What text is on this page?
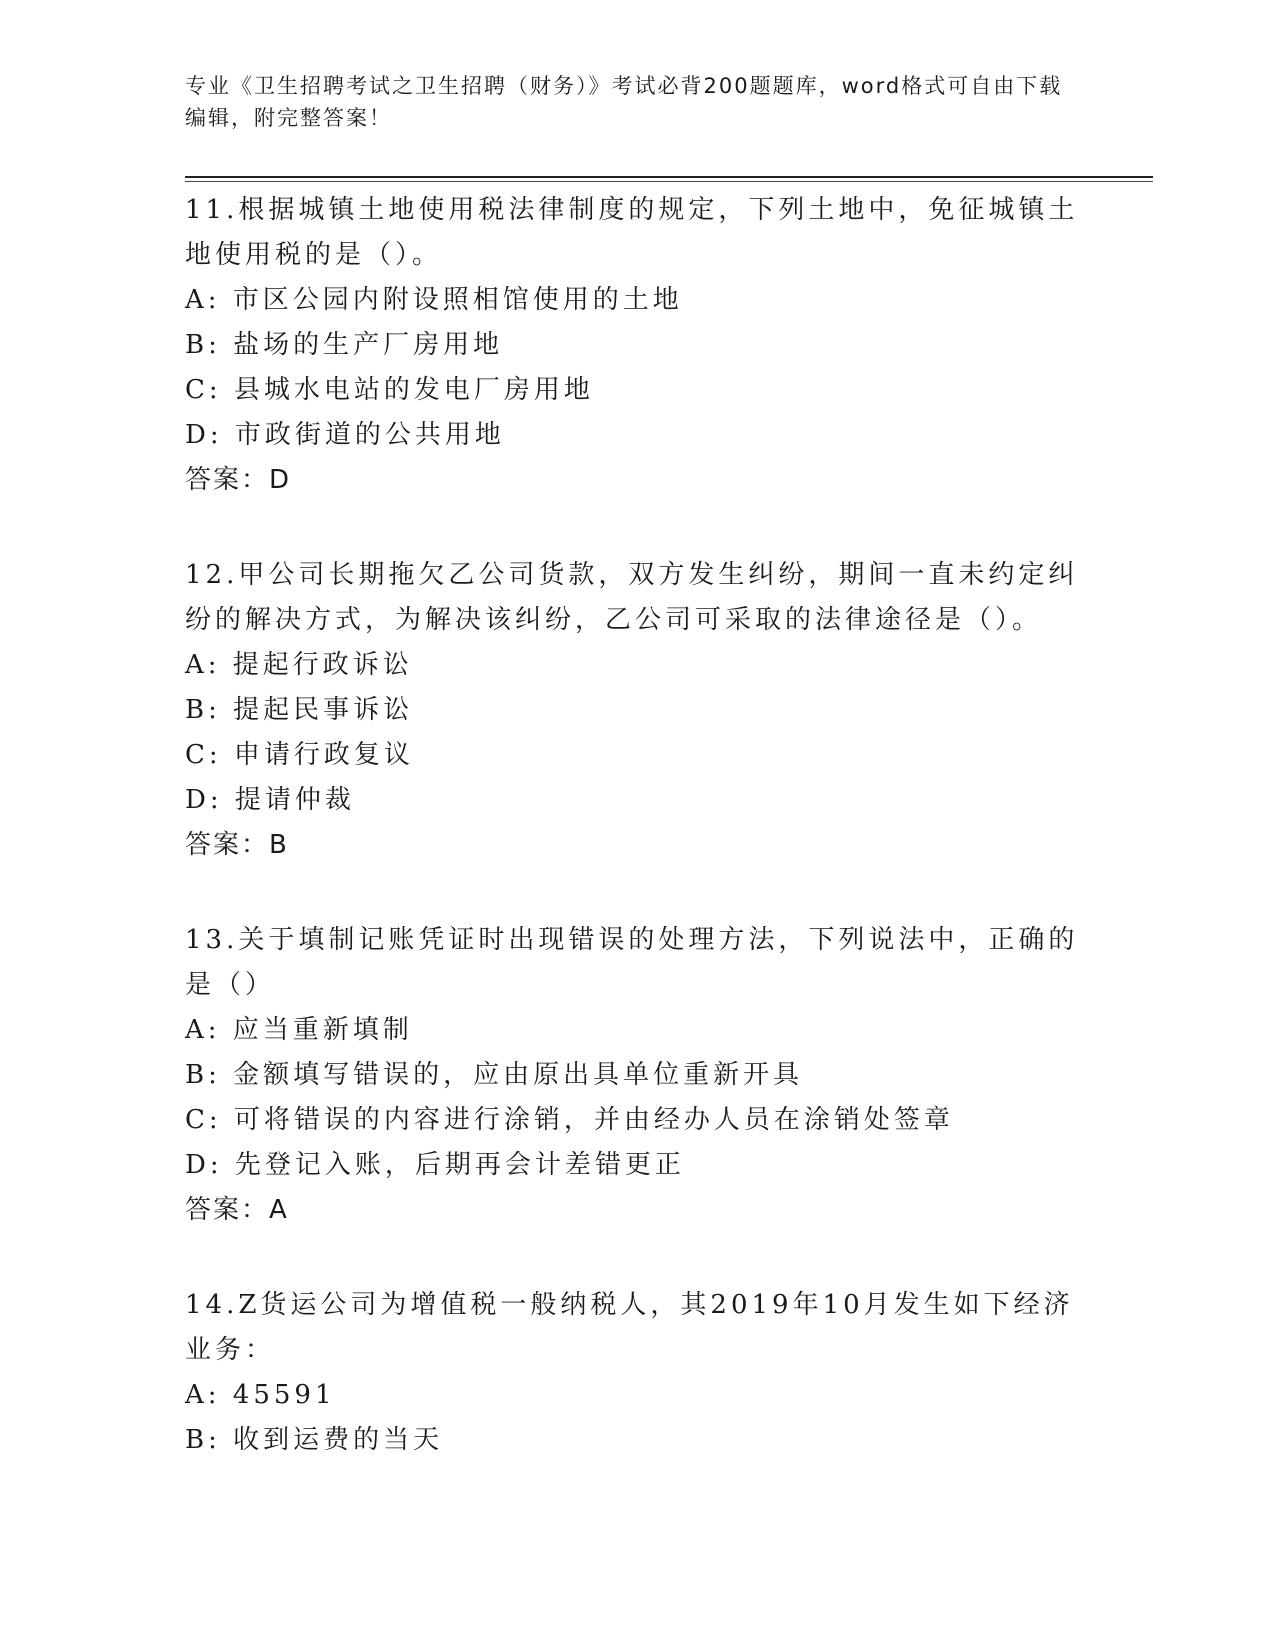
专业《卫生招聘考试之卫生招聘（财务）》考试必背200题题库，word格式可自由下载编辑，附完整答案！

11.根据城镇土地使用税法律制度的规定，下列土地中，免征城镇土地使用税的是（）。

A: 市区公园内附设照相馆使用的土地

B: 盐场的生产厂房用地

C: 县城水电站的发电厂房用地

D: 市政街道的公共用地

答案：D

12.甲公司长期拖欠乙公司货款，双方发生纠纷，期间一直未约定纠纷的解决方式，为解决该纠纷，乙公司可采取的法律途径是（）。

A: 提起行政诉讼

B: 提起民事诉讼

C: 申请行政复议

D: 提请仲裁

答案：B

13.关于填制记账凭证时出现错误的处理方法，下列说法中，正确的是（）

A: 应当重新填制

B: 金额填写错误的，应由原出具单位重新开具

C: 可将错误的内容进行涂销，并由经办人员在涂销处签章

D: 先登记入账，后期再会计差错更正

答案：A

14.Z货运公司为增值税一般纳税人，其2019年10月发生如下经济业务：

A: 45591

B: 收到运费的当天
